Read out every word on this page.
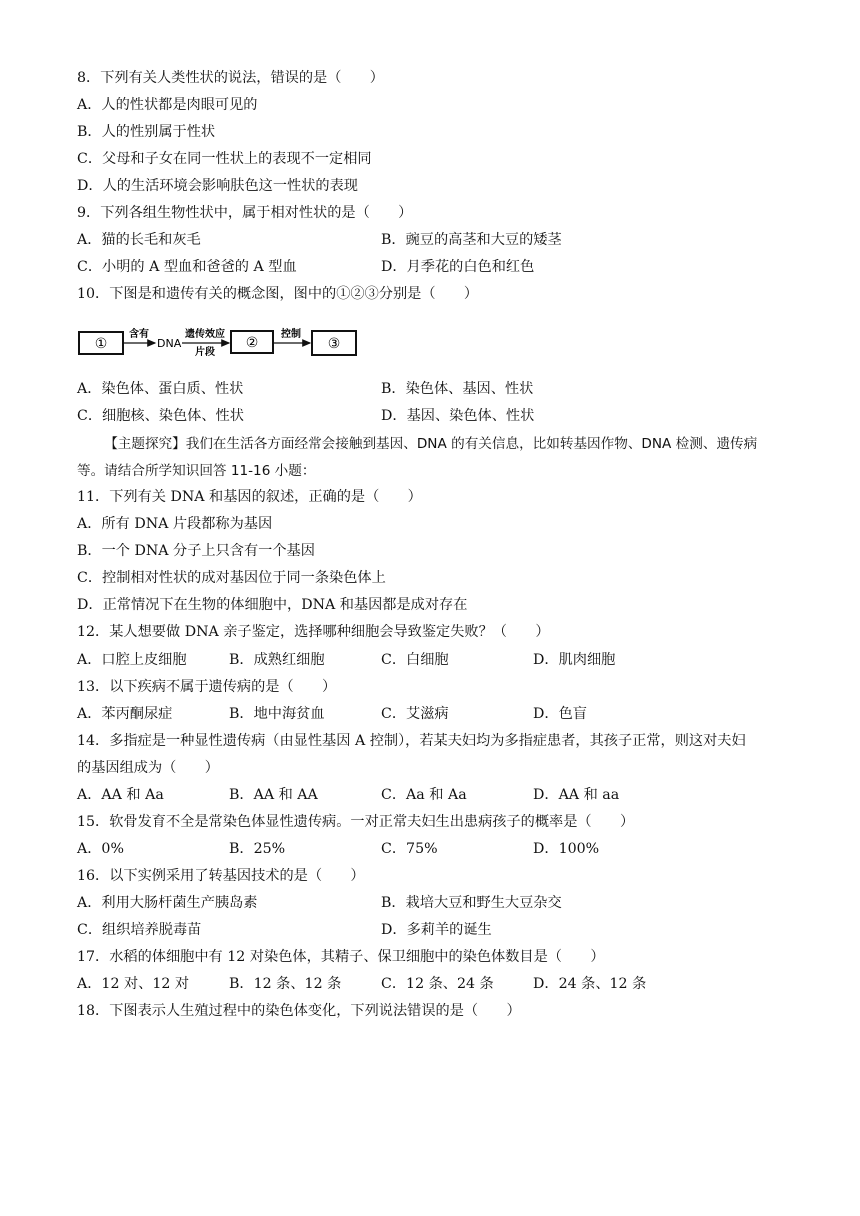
8．下列有关人类性状的说法，错误的是（　　）
A．人的性状都是肉眼可见的
B．人的性别属于性状
C．父母和子女在同一性状上的表现不一定相同
D．人的生活环境会影响肤色这一性状的表现
9．下列各组生物性状中，属于相对性状的是（　　）
A．猫的长毛和灰毛	B．豌豆的高茎和大豆的矮茎
C．小明的 A 型血和爸爸的 A 型血	D．月季花的白色和红色
10．下图是和遗传有关的概念图，图中的①②③分别是（　　）
①
含有
DNA
遗传效应
片段
②
控制
③
A．染色体、蛋白质、性状	B．染色体、基因、性状
C．细胞核、染色体、性状	D．基因、染色体、性状
【主题探究】我们在生活各方面经常会接触到基因、DNA 的有关信息，比如转基因作物、DNA 检测、遗传病等。请结合所学知识回答 11-16 小题：
11．下列有关 DNA 和基因的叙述，正确的是（　　）
A．所有 DNA 片段都称为基因
B．一个 DNA 分子上只含有一个基因
C．控制相对性状的成对基因位于同一条染色体上
D．正常情况下在生物的体细胞中，DNA 和基因都是成对存在
12．某人想要做 DNA 亲子鉴定，选择哪种细胞会导致鉴定失败？（　　）
A．口腔上皮细胞	B．成熟红细胞	C．白细胞	D．肌肉细胞
13．以下疾病不属于遗传病的是（　　）
A．苯丙酮尿症	B．地中海贫血	C．艾滋病	D．色盲
14．多指症是一种显性遗传病（由显性基因 A 控制），若某夫妇均为多指症患者，其孩子正常，则这对夫妇
的基因组成为（　　）
A．AA 和 Aa	B．AA 和 AA	C．Aa 和 Aa	D．AA 和 aa
15．软骨发育不全是常染色体显性遗传病。一对正常夫妇生出患病孩子的概率是（　　）
A．0%	B．25%	C．75%	D．100%
16．以下实例采用了转基因技术的是（　　）
A．利用大肠杆菌生产胰岛素	B．栽培大豆和野生大豆杂交
C．组织培养脱毒苗	D．多莉羊的诞生
17．水稻的体细胞中有 12 对染色体，其精子、保卫细胞中的染色体数目是（　　）
A．12 对、12 对	B．12 条、12 条	C．12 条、24 条	D．24 条、12 条
18．下图表示人生殖过程中的染色体变化，下列说法错误的是（　　）
